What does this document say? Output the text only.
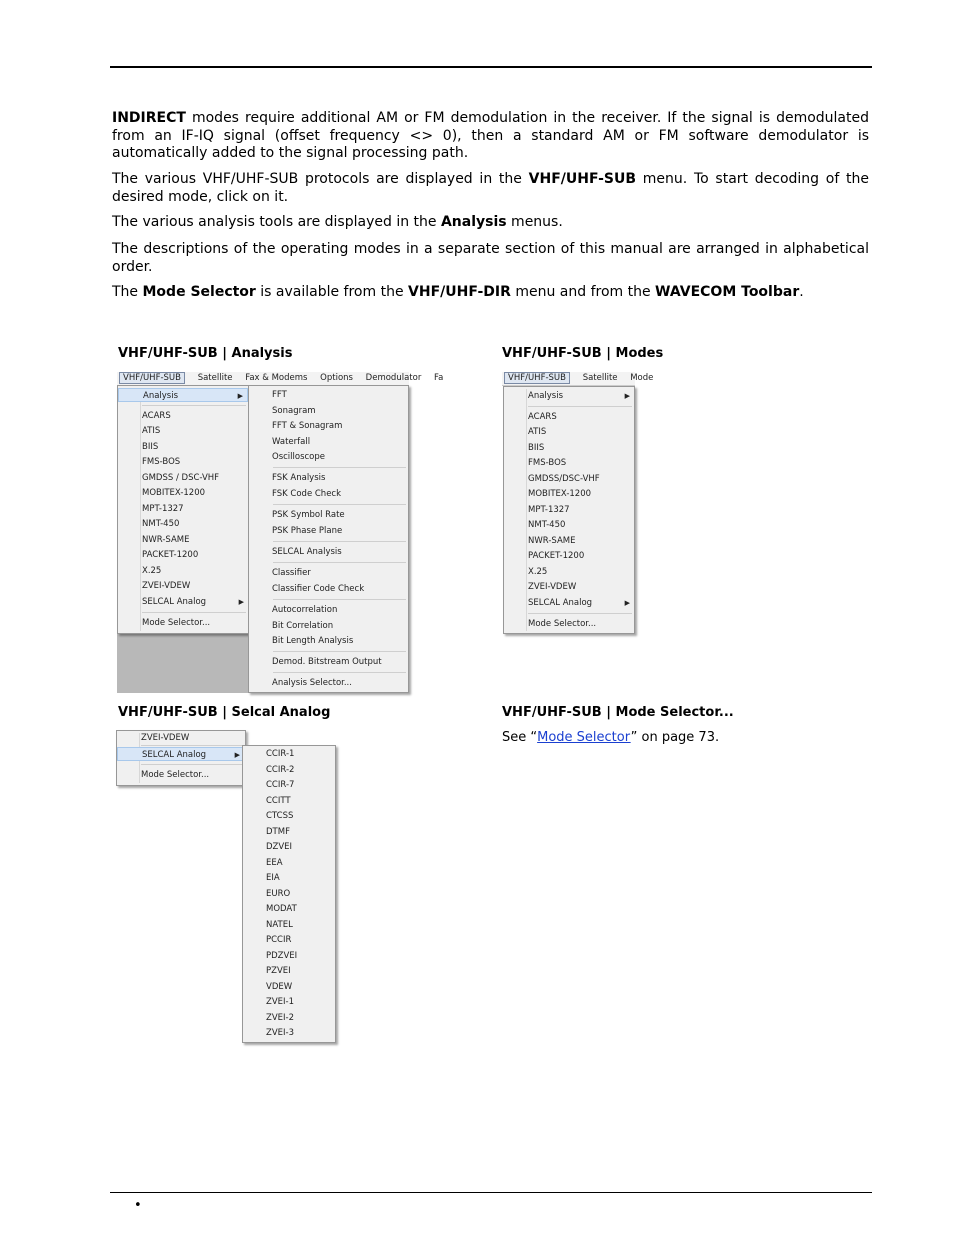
INDIRECT modes require additional AM or FM demodulation in the receiver. If the signal is demodulated from an IF-IQ signal (offset frequency <> 0), then a standard AM or FM software demodulator is automatically added to the signal processing path.

The various VHF/UHF-SUB protocols are displayed in the VHF/UHF-SUB menu. To start decoding of the desired mode, click on it.

The various analysis tools are displayed in the Analysis menus.

The descriptions of the operating modes in a separate section of this manual are arranged in alphabetical order.

The Mode Selector is available from the VHF/UHF-DIR menu and from the WAVECOM Toolbar.

VHF/UHF-SUB | Analysis	VHF/UHF-SUB | Modes
VHF/UHF-SUB | Selcal Analog	VHF/UHF-SUB | Mode Selector...
See “Mode Selector” on page 73.
VHF/UHF-SUB Satellite Fax & Modems Options Demodulator Fa
Analysis	▶
ACARS
ATIS
BIIS
FMS-BOS
GMDSS / DSC-VHF
MOBITEX-1200
MPT-1327
NMT-450
NWR-SAME
PACKET-1200
X.25
ZVEI-VDEW
SELCAL Analog	▶
Mode Selector...
FFT
Sonagram
FFT & Sonagram
Waterfall
Oscilloscope
FSK Analysis
FSK Code Check
PSK Symbol Rate
PSK Phase Plane
SELCAL Analysis
Classifier
Classifier Code Check
Autocorrelation
Bit Correlation
Bit Length Analysis
Demod. Bitstream Output
Analysis Selector...
VHF/UHF-SUB Satellite Mode
Analysis	▶
ACARS
ATIS
BIIS
FMS-BOS
GMDSS/DSC-VHF
MOBITEX-1200
MPT-1327
NMT-450
NWR-SAME
PACKET-1200
X.25
ZVEI-VDEW
SELCAL Analog	▶
Mode Selector...
ZVEI-VDEW
SELCAL Analog	▶
Mode Selector...
CCIR-1
CCIR-2
CCIR-7
CCITT
CTCSS
DTMF
DZVEI
EEA
EIA
EURO
MODAT
NATEL
PCCIR
PDZVEI
PZVEI
VDEW
ZVEI-1
ZVEI-2
ZVEI-3
•
